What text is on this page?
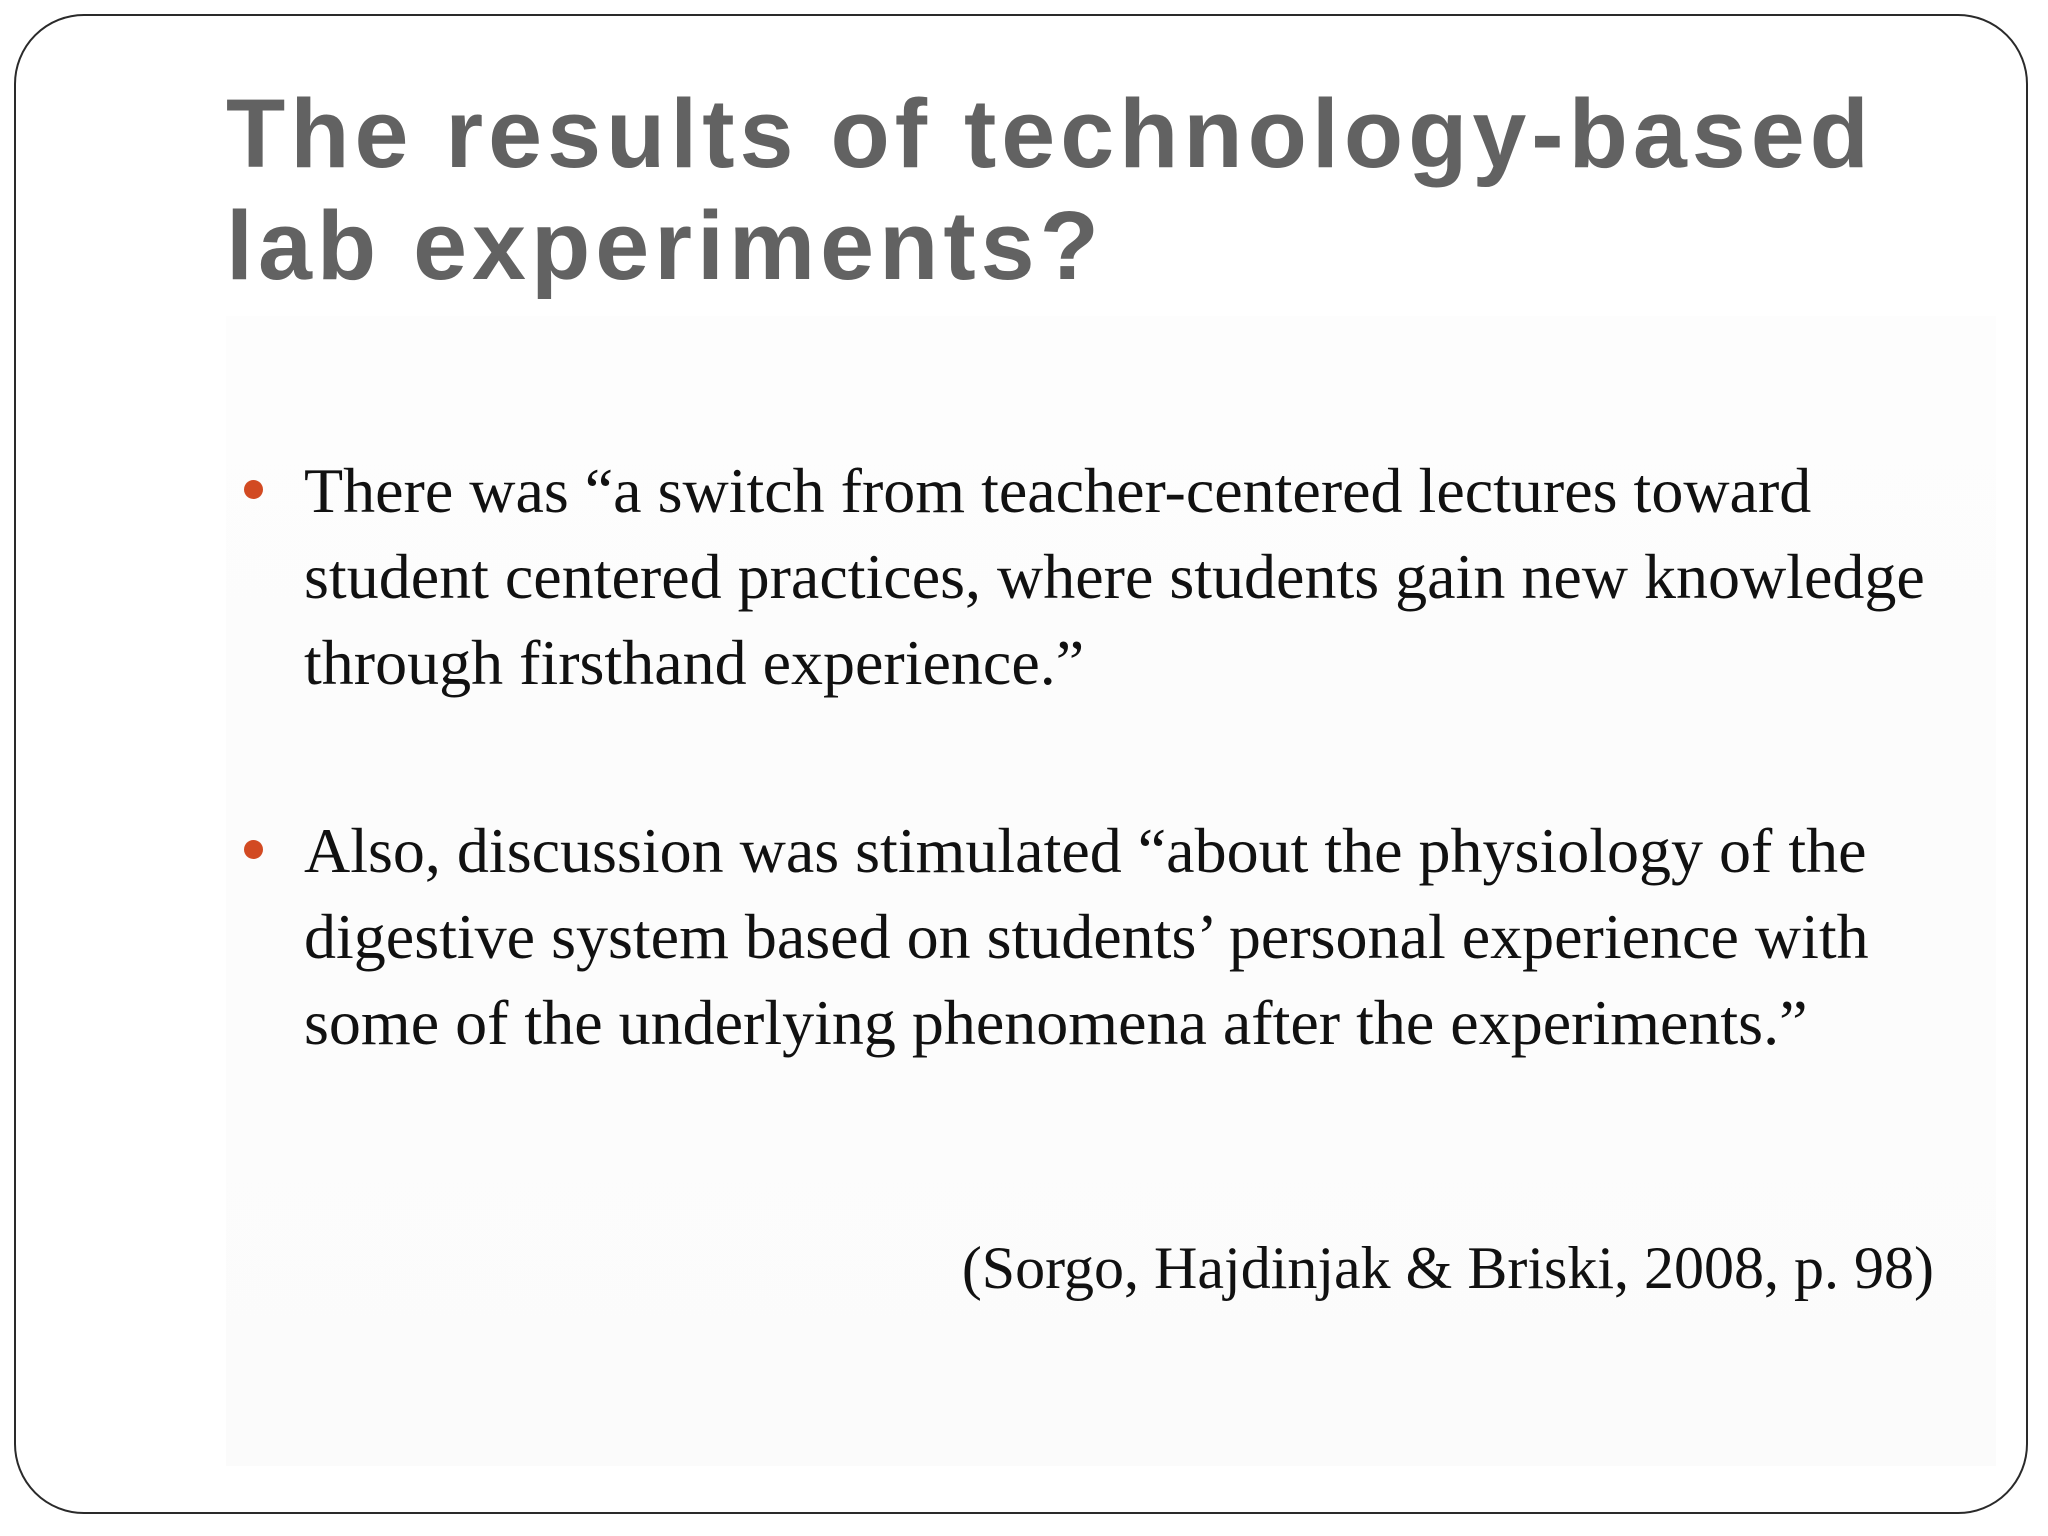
The results of technology-based lab experiments?
There was “a switch from teacher-centered lectures toward student centered practices, where students gain new knowledge through firsthand experience.”
Also, discussion was stimulated “about the physiology of the digestive system based on students’ personal experience with some of the underlying phenomena after the experiments.”

(Sorgo, Hajdinjak & Briski, 2008, p. 98)
